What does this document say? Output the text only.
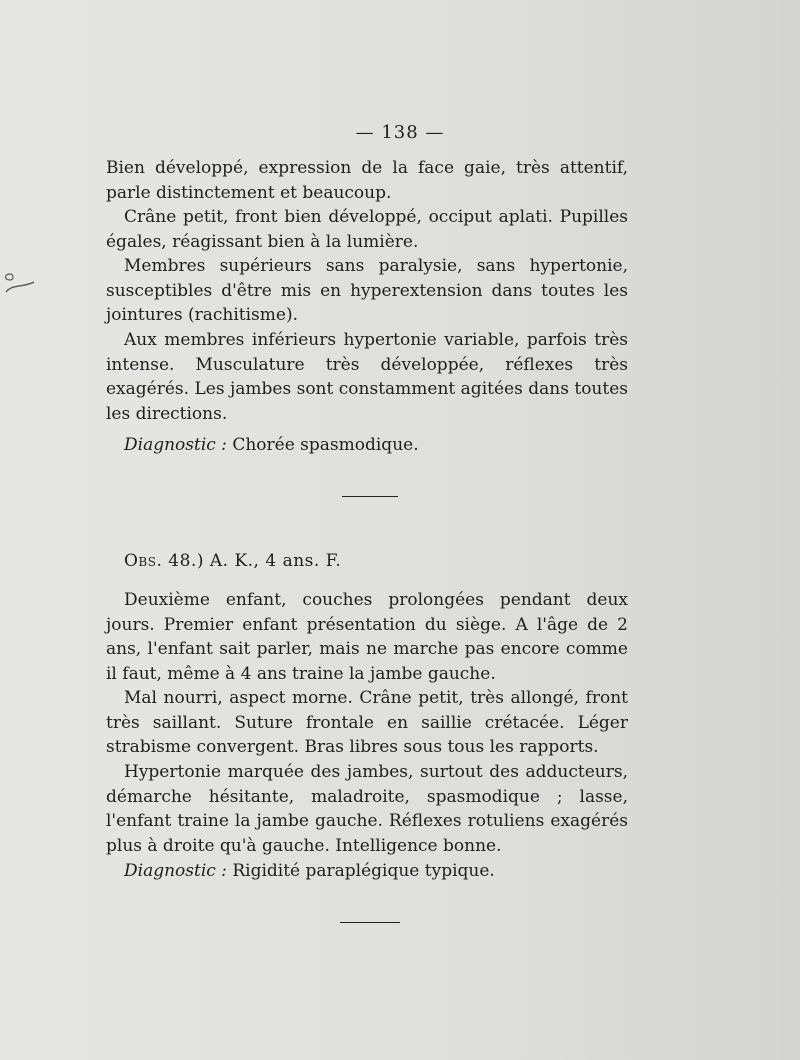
— 138 —

Bien développé, expression de la face gaie, très attentif, parle distinctement et beaucoup.

Crâne petit, front bien développé, occiput aplati. Pupilles égales, réagissant bien à la lumière.

Membres supérieurs sans paralysie, sans hypertonie, susceptibles d'être mis en hyperextension dans toutes les jointures (rachitisme).

Aux membres inférieurs hypertonie variable, parfois très intense. Musculature très développée, réflexes très exagérés. Les jambes sont constamment agitées dans toutes les directions.

Diagnostic : Chorée spasmodique.

Obs. 48.) A. K., 4 ans. F.

Deuxième enfant, couches prolongées pendant deux jours. Premier enfant présentation du siège. A l'âge de 2 ans, l'enfant sait parler, mais ne marche pas encore comme il faut, même à 4 ans traine la jambe gauche.

Mal nourri, aspect morne. Crâne petit, très allongé, front très saillant. Suture frontale en saillie crétacée. Léger strabisme convergent. Bras libres sous tous les rapports.

Hypertonie marquée des jambes, surtout des adducteurs, démarche hésitante, maladroite, spasmodique ; lasse, l'enfant traine la jambe gauche. Réflexes rotuliens exagérés plus à droite qu'à gauche. Intelligence bonne.

Diagnostic : Rigidité paraplégique typique.
